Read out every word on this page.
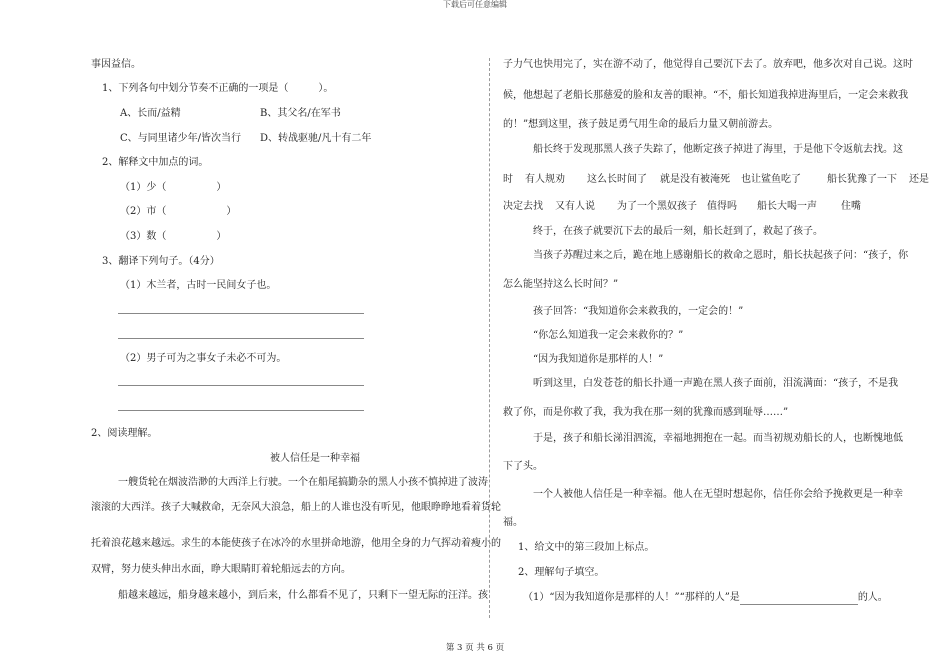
下载后可任意编辑

事因益信。

1、下列各句中划分节奏不正确的一项是（　　　）。

A、长而/益精	B、其父名/在军书

C、与同里诸少年/皆次当行 D、转战驱驰/凡十有二年

2、解释文中加点的词。

（1）少（　　　　　）

（2）市（　　　　　　）

（3）数（　　　　　）

3、翻译下列句子。（4分）

（1）木兰者，古时一民间女子也。

（2）男子可为之事女子未必不可为。

2、阅读理解。

被人信任是一种幸福

一艘货轮在烟波浩渺的大西洋上行驶。一个在船尾搞勤杂的黑人小孩不慎掉进了波涛

滚滚的大西洋。孩子大喊救命，无奈风大浪急，船上的人谁也没有听见，他眼睁睁地看着货轮

托着浪花越来越远。求生的本能使孩子在冰冷的水里拼命地游，他用全身的力气挥动着瘦小的

双臂，努力使头伸出水面，睁大眼睛盯着轮船远去的方向。

船越来越远，船身越来越小，到后来，什么都看不见了，只剩下一望无际的汪洋。孩

子力气也快用完了，实在游不动了，他觉得自己要沉下去了。放弃吧，他多次对自己说。这时

候，他想起了老船长那慈爱的脸和友善的眼神。“不，船长知道我掉进海里后，一定会来救我

的！”想到这里，孩子鼓足勇气用生命的最后力量又朝前游去。

船长终于发现那黑人孩子失踪了，他断定孩子掉进了海里，于是他下令返航去找。这

时 有人规劝 这么长时间了 就是没有被淹死 也让鲨鱼吃了	船长犹豫了一下 还是

决定去找 又有人说 为了一个黑奴孩子 值得吗 船长大喝一声 住嘴

终于，在孩子就要沉下去的最后一刻，船长赶到了，救起了孩子。

当孩子苏醒过来之后，跪在地上感谢船长的救命之恩时，船长扶起孩子问：“孩子，你

怎么能坚持这么长时间？”

孩子回答：“我知道你会来救我的，一定会的！”

“你怎么知道我一定会来救你的？”

“因为我知道你是那样的人！”

听到这里，白发苍苍的船长扑通一声跪在黑人孩子面前，泪流满面：“孩子，不是我

救了你，而是你救了我，我为我在那一刻的犹豫而感到耻辱……”

于是，孩子和船长涕泪泗流，幸福地拥抱在一起。而当初规劝船长的人，也断愧地低

下了头。

一个人被他人信任是一种幸福。他人在无望时想起你，信任你会给予挽救更是一种幸

福。

1、给文中的第三段加上标点。

2、理解句子填空。

（1）“因为我知道你是那样的人！”“那样的人”是	的人。

第 3 页 共 6 页
